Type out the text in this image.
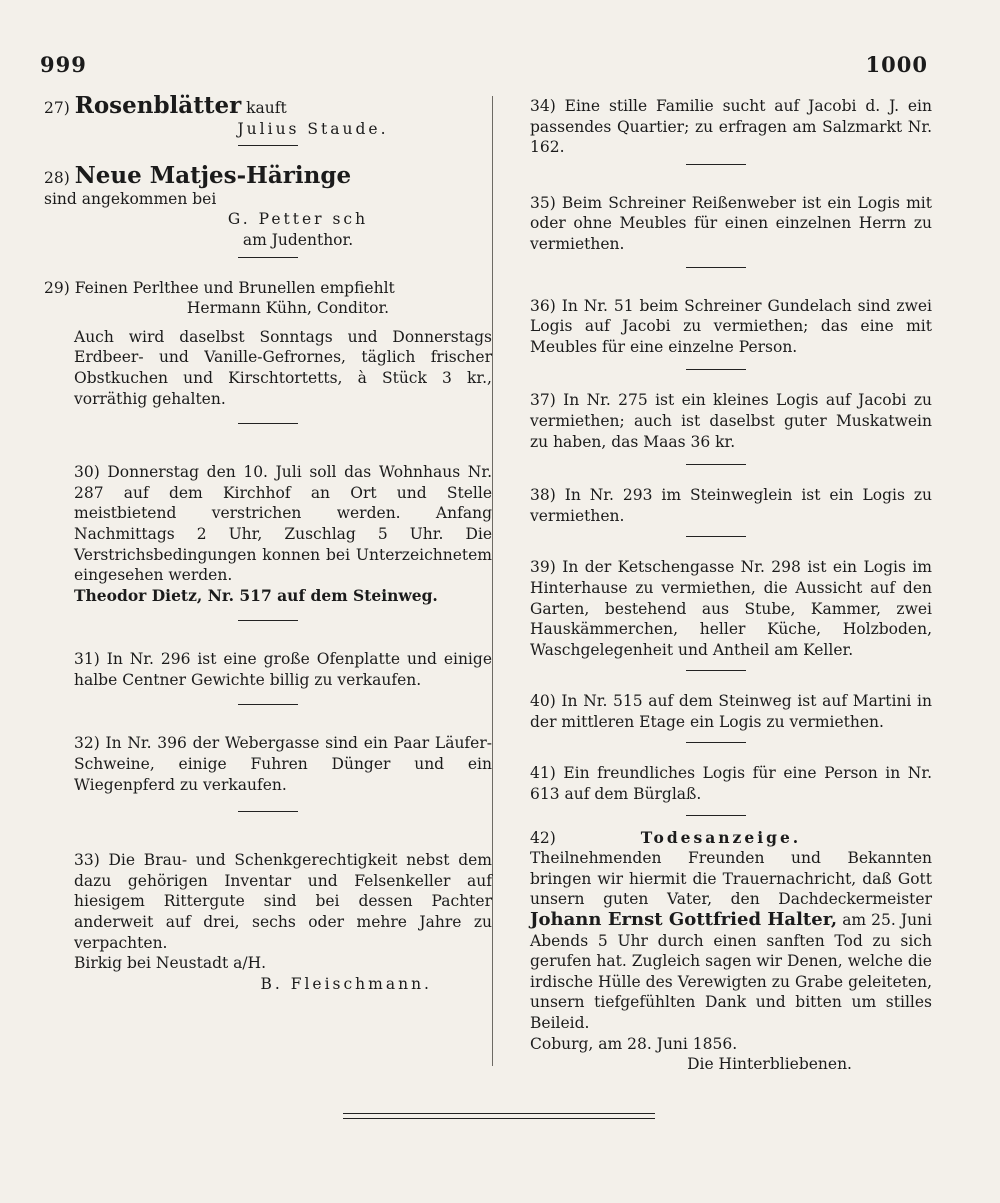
999	1000

27) Rosenblätter kauft

Julius Staude.

28) Neue Matjes-Häringe

sind angekommen bei

G. Petter sch

am Judenthor.

29) Feinen Perlthee und Brunellen empfiehlt

Hermann Kühn, Conditor.

Auch wird daselbst Sonntags und Donnerstags Erdbeer- und Vanille-Gefrornes, täglich frischer Obstkuchen und Kirschtortetts, à Stück 3 kr., vorräthig gehalten.

30) Donnerstag den 10. Juli soll das Wohnhaus Nr. 287 auf dem Kirchhof an Ort und Stelle meistbietend verstrichen werden. Anfang Nachmittags 2 Uhr, Zuschlag 5 Uhr. Die Verstrichsbedingungen konnen bei Unterzeichnetem eingesehen werden.

Theodor Dietz, Nr. 517 auf dem Steinweg.

31) In Nr. 296 ist eine große Ofenplatte und einige halbe Centner Gewichte billig zu verkaufen.

32) In Nr. 396 der Webergasse sind ein Paar Läufer-Schweine, einige Fuhren Dünger und ein Wiegenpferd zu verkaufen.

33) Die Brau- und Schenkgerechtigkeit nebst dem dazu gehörigen Inventar und Felsenkeller auf hiesigem Rittergute sind bei dessen Pachter anderweit auf drei, sechs oder mehre Jahre zu verpachten.

Birkig bei Neustadt a/H.

B. Fleischmann.

34) Eine stille Familie sucht auf Jacobi d. J. ein passendes Quartier; zu erfragen am Salzmarkt Nr. 162.

35) Beim Schreiner Reißenweber ist ein Logis mit oder ohne Meubles für einen einzelnen Herrn zu vermiethen.

36) In Nr. 51 beim Schreiner Gundelach sind zwei Logis auf Jacobi zu vermiethen; das eine mit Meubles für eine einzelne Person.

37) In Nr. 275 ist ein kleines Logis auf Jacobi zu vermiethen; auch ist daselbst guter Muskatwein zu haben, das Maas 36 kr.

38) In Nr. 293 im Steinweglein ist ein Logis zu vermiethen.

39) In der Ketschengasse Nr. 298 ist ein Logis im Hinterhause zu vermiethen, die Aussicht auf den Garten, bestehend aus Stube, Kammer, zwei Hauskämmerchen, heller Küche, Holzboden, Waschgelegenheit und Antheil am Keller.

40) In Nr. 515 auf dem Steinweg ist auf Martini in der mittleren Etage ein Logis zu vermiethen.

41) Ein freundliches Logis für eine Person in Nr. 613 auf dem Bürglaß.

42)	Todesanzeige.

Theilnehmenden Freunden und Bekannten bringen wir hiermit die Trauernachricht, daß Gott unsern guten Vater, den Dachdeckermeister Johann Ernst Gottfried Halter, am 25. Juni Abends 5 Uhr durch einen sanften Tod zu sich gerufen hat. Zugleich sagen wir Denen, welche die irdische Hülle des Verewigten zu Grabe geleiteten, unsern tiefgefühlten Dank und bitten um stilles Beileid.

Coburg, am 28. Juni 1856.

Die Hinterbliebenen.
